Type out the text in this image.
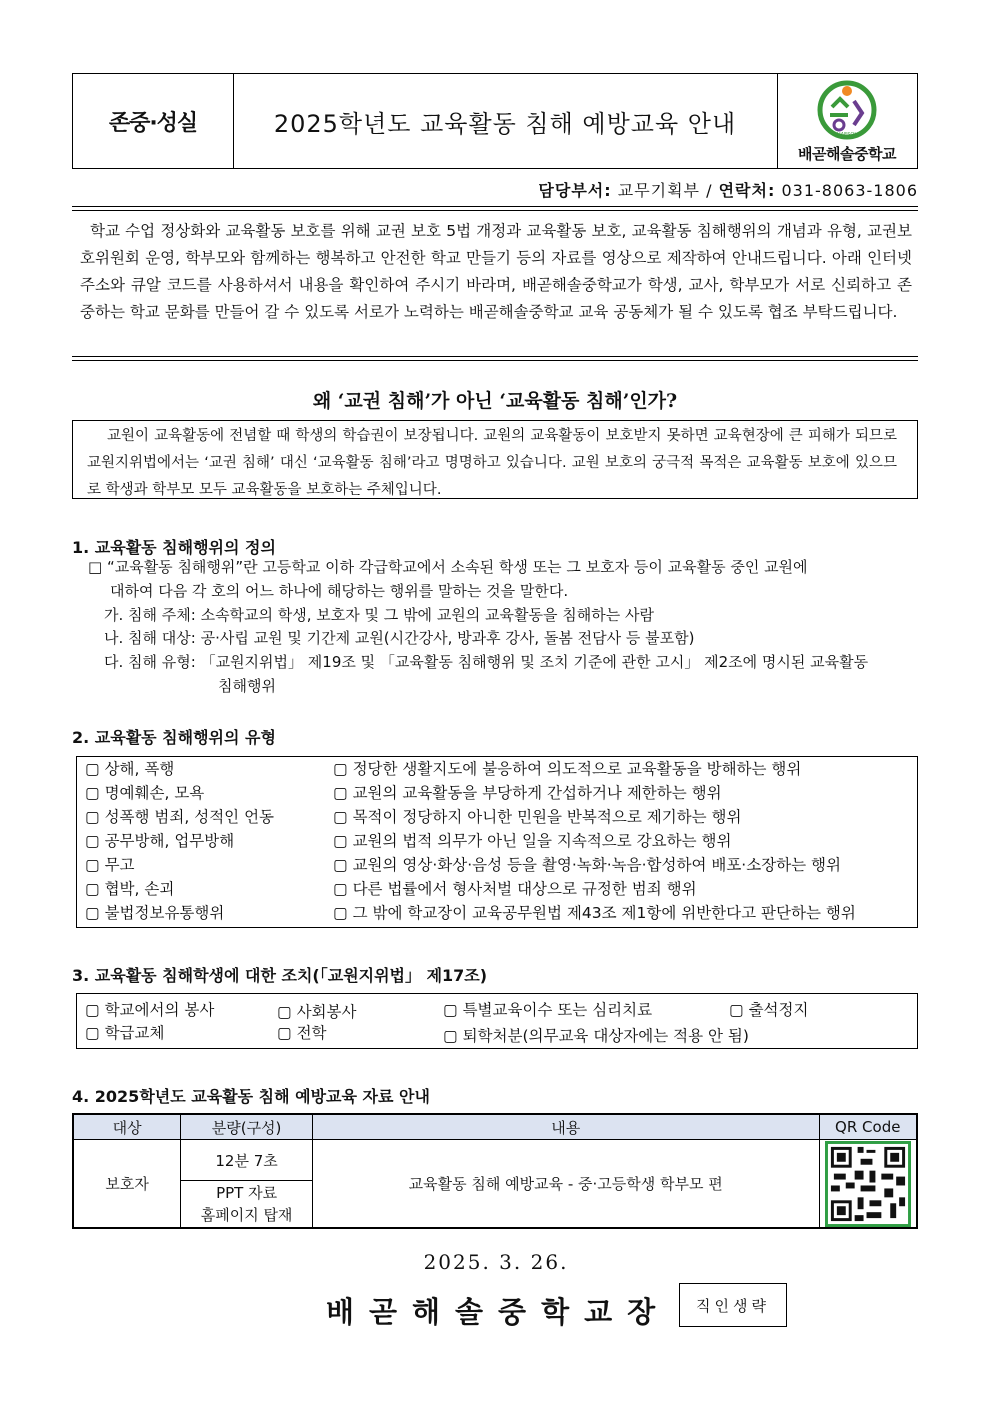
존중·성실	2025학년도 교육활동 침해 예방교육 안내	HAESOL
배곧해솔중학교
담당부서: 교무기획부 / 연락처: 031-8063-1806
학교 수업 정상화와 교육활동 보호를 위해 교권 보호 5법 개정과 교육활동 보호, 교육활동 침해행위의 개념과 유형, 교권보호위원회 운영, 학부모와 함께하는 행복하고 안전한 학교 만들기 등의 자료를 영상으로 제작하여 안내드립니다. 아래 인터넷 주소와 큐알 코드를 사용하셔서 내용을 확인하여 주시기 바라며, 배곧해솔중학교가 학생, 교사, 학부모가 서로 신뢰하고 존중하는 학교 문화를 만들어 갈 수 있도록 서로가 노력하는 배곧해솔중학교 교육 공동체가 될 수 있도록 협조 부탁드립니다.
왜 ‘교권 침해’가 아닌 ‘교육활동 침해’인가?
교원이 교육활동에 전념할 때 학생의 학습권이 보장됩니다. 교원의 교육활동이 보호받지 못하면 교육현장에 큰 피해가 되므로 교원지위법에서는 ‘교권 침해’ 대신 ‘교육활동 침해’라고 명명하고 있습니다. 교원 보호의 궁극적 목적은 교육활동 보호에 있으므로 학생과 학부모 모두 교육활동을 보호하는 주체입니다.
1. 교육활동 침해행위의 정의
□ “교육활동 침해행위”란 고등학교 이하 각급학교에서 소속된 학생 또는 그 보호자 등이 교육활동 중인 교원에
대하여 다음 각 호의 어느 하나에 해당하는 행위를 말하는 것을 말한다.
가. 침해 주체: 소속학교의 학생, 보호자 및 그 밖에 교원의 교육활동을 침해하는 사람
나. 침해 대상: 공·사립 교원 및 기간제 교원(시간강사, 방과후 강사, 돌봄 전담사 등 불포함)
다. 침해 유형: 「교원지위법」 제19조 및 「교육활동 침해행위 및 조치 기준에 관한 고시」 제2조에 명시된 교육활동
침해행위
2. 교육활동 침해행위의 유형
▢ 상해, 폭행	▢ 정당한 생활지도에 불응하여 의도적으로 교육활동을 방해하는 행위
▢ 명예훼손, 모욕	▢ 교원의 교육활동을 부당하게 간섭하거나 제한하는 행위
▢ 성폭행 범죄, 성적인 언동	▢ 목적이 정당하지 아니한 민원을 반복적으로 제기하는 행위
▢ 공무방해, 업무방해	▢ 교원의 법적 의무가 아닌 일을 지속적으로 강요하는 행위
▢ 무고	▢ 교원의 영상·화상·음성 등을 촬영·녹화·녹음·합성하여 배포·소장하는 행위
▢ 협박, 손괴	▢ 다른 법률에서 형사처벌 대상으로 규정한 범죄 행위
▢ 불법정보유통행위	▢ 그 밖에 학교장이 교육공무원법 제43조 제1항에 위반한다고 판단하는 행위
3. 교육활동 침해학생에 대한 조치(「교원지위법」 제17조)
▢ 학교에서의 봉사	▢ 사회봉사	▢ 특별교육이수 또는 심리치료	▢ 출석정지
▢ 학급교체	▢ 전학	▢ 퇴학처분(의무교육 대상자에는 적용 안 됨)
4. 2025학년도 교육활동 침해 예방교육 자료 안내
대상	분량(구성)	내용	QR Code
보호자	12분 7초	교육활동 침해 예방교육 - 중·고등학생 학부모 편	

	PPT 자료
홈페이지 탑재		
2025. 3. 26.
배곧해솔중학교장	직인생략
